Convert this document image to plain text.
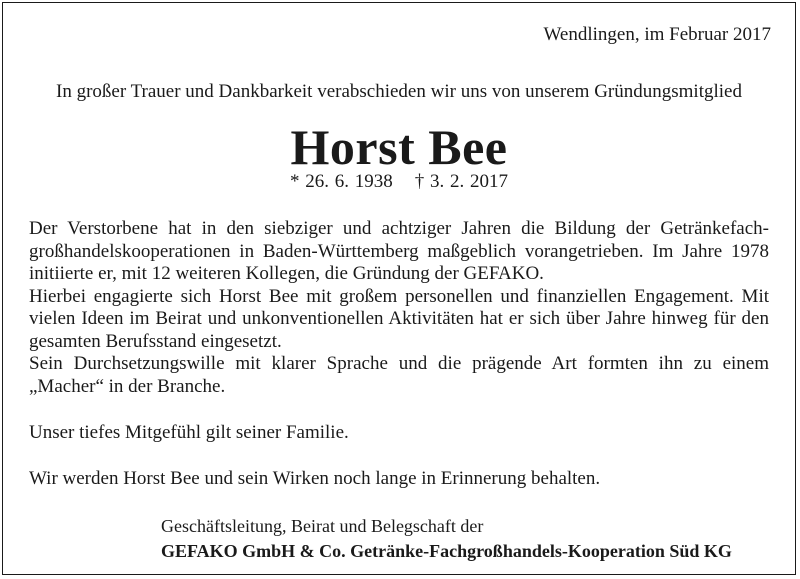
Wendlingen, im Februar 2017
In großer Trauer und Dankbarkeit verabschieden wir uns von unserem Gründungsmitglied
Horst Bee
* 26. 6. 1938 † 3. 2. 2017

Der Verstorbene hat in den siebziger und achtziger Jahren die Bildung der Getränkefach-großhandelskooperationen in Baden-Württemberg maßgeblich vorangetrieben. Im Jahre 1978 initiierte er, mit 12 weiteren Kollegen, die Gründung der GEFAKO.

Hierbei engagierte sich Horst Bee mit großem personellen und finanziellen Engagement. Mit vielen Ideen im Beirat und unkonventionellen Aktivitäten hat er sich über Jahre hinweg für den gesamten Berufsstand eingesetzt.

Sein Durchsetzungswille mit klarer Sprache und die prägende Art formten ihn zu einem „Macher“ in der Branche.

Unser tiefes Mitgefühl gilt seiner Familie.
Wir werden Horst Bee und sein Wirken noch lange in Erinnerung behalten.
Geschäftsleitung, Beirat und Belegschaft der
GEFAKO GmbH & Co. Getränke-Fachgroßhandels-Kooperation Süd KG
